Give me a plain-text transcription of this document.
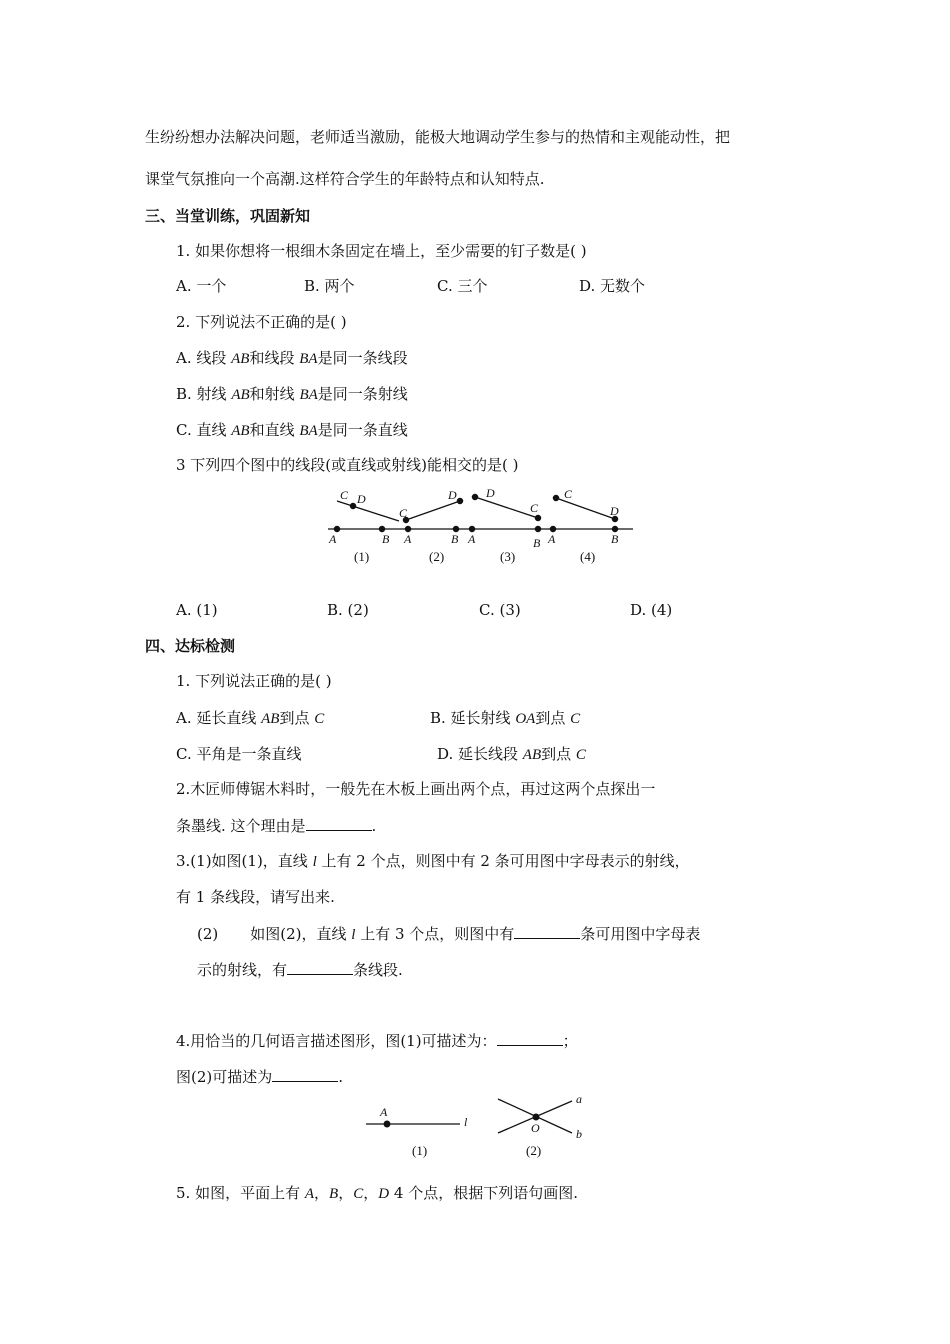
生纷纷想办法解决问题，老师适当激励，能极大地调动学生参与的热情和主观能动性，把
课堂气氛推向一个高潮.这样符合学生的年龄特点和认知特点.
三、当堂训练，巩固新知
1. 如果你想将一根细木条固定在墙上，至少需要的钉子数是( )
A. 一个	B. 两个	C. 三个	D. 无数个
2. 下列说法不正确的是( )
A. 线段 AB和线段 BA是同一条线段
B. 射线 AB和射线 BA是同一条射线
C. 直线 AB和直线 BA是同一条直线
3 下列四个图中的线段(或直线或射线)能相交的是( )
C D
A	B
C
D
A	B
D
C
A	B
C
D
A	B
(1)	(2)	(3)	(4)
A. (1)	B. (2)	C. (3)	D. (4)
四、达标检测
1. 下列说法正确的是( )
A. 延长直线 AB到点 C	B. 延长射线 OA到点 C
C. 平角是一条直线	D. 延长线段 AB到点 C
2.木匠师傅锯木料时，一般先在木板上画出两个点，再过这两个点探出一
条墨线. 这个理由是	.
3.(1)如图(1)，直线 l 上有 2 个点，则图中有 2 条可用图中字母表示的射线，
有 1 条线段，请写出来.
(2) 如图(2)，直线 l 上有 3 个点，则图中有	条可用图中字母表
示的射线，有	条线段.
4.用恰当的几何语言描述图形，图(1)可描述为：	；
图(2)可描述为	.
A
l	O
a
b
(1)	(2)
5. 如图，平面上有 A，B，C，D 4 个点，根据下列语句画图.
